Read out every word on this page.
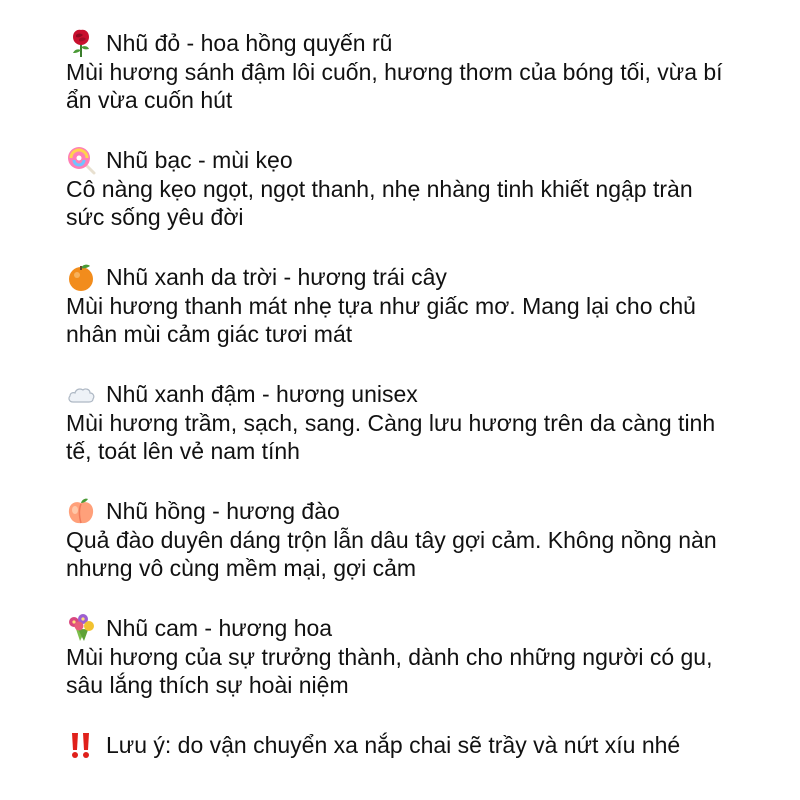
Nhũ đỏ - hoa hồng quyến rũ
Mùi hương sánh đậm lôi cuốn, hương thơm của bóng tối, vừa bí ẩn vừa cuốn hút
Nhũ bạc - mùi kẹo
Cô nàng kẹo ngọt, ngọt thanh, nhẹ nhàng tinh khiết ngập tràn sức sống yêu đời
Nhũ xanh da trời - hương trái cây
Mùi hương thanh mát nhẹ tựa như giấc mơ. Mang lại cho chủ nhân mùi cảm giác tươi mát
Nhũ xanh đậm - hương unisex
Mùi hương trầm, sạch, sang. Càng lưu hương trên da càng tinh tế, toát lên vẻ nam tính
Nhũ hồng - hương đào
Quả đào duyên dáng trộn lẫn dâu tây gợi cảm. Không nồng nàn nhưng vô cùng mềm mại, gợi cảm
Nhũ cam - hương hoa
Mùi hương của sự trưởng thành, dành cho những người có gu, sâu lắng thích sự hoài niệm
Lưu ý: do vận chuyển xa nắp chai sẽ trầy và nứt xíu nhé
